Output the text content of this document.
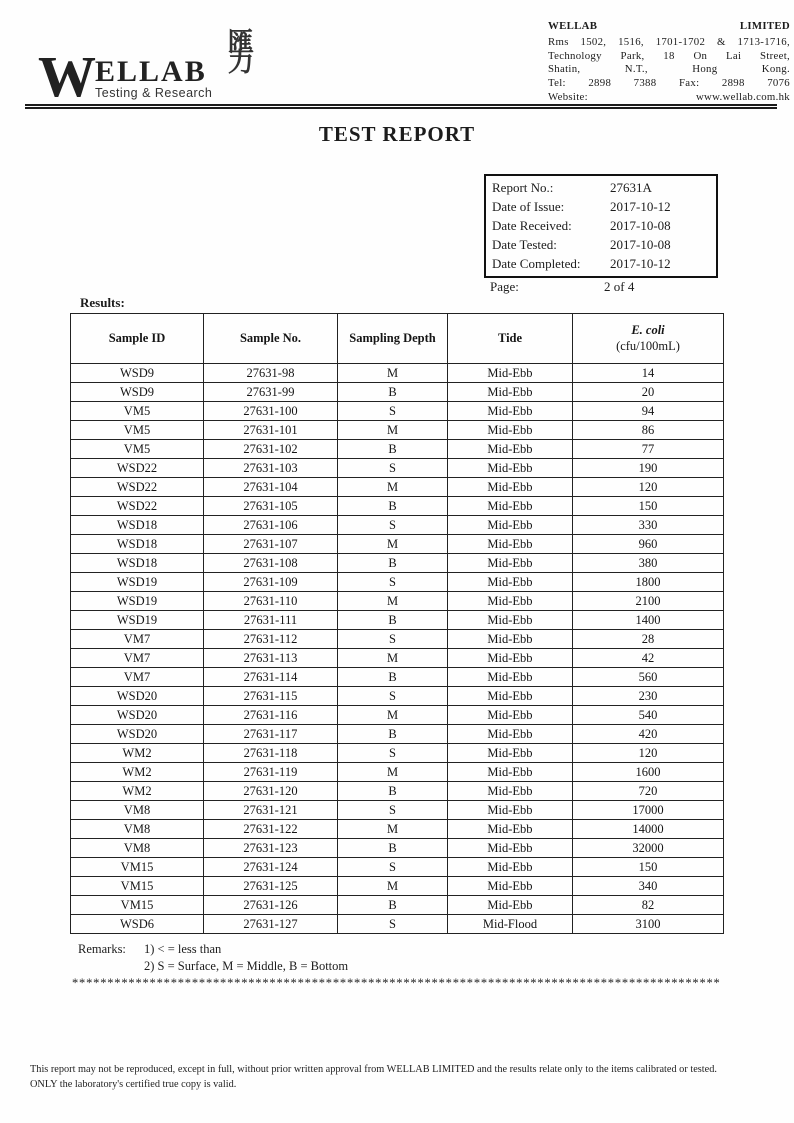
W ELLAB
Testing & Research
匯力
WELLAB LIMITED
Rms 1502, 1516, 1701-1702 & 1713-1716,
Technology Park, 18 On Lai Street,
Shatin, N.T., Hong Kong.
Tel: 2898 7388 Fax: 2898 7076
Website: www.wellab.com.hk
TEST REPORT
Report No.:	27631A
Date of Issue:	2017-10-12
Date Received:	2017-10-08
Date Tested:	2017-10-08
Date Completed:	2017-10-12
Page:	2 of 4
Results:
Sample ID	Sample No.	Sampling Depth	Tide	E. coli
(cfu/100mL)

WSD9	27631-98	M	Mid-Ebb	14
WSD9	27631-99	B	Mid-Ebb	20
VM5	27631-100	S	Mid-Ebb	94
VM5	27631-101	M	Mid-Ebb	86
VM5	27631-102	B	Mid-Ebb	77
WSD22	27631-103	S	Mid-Ebb	190
WSD22	27631-104	M	Mid-Ebb	120
WSD22	27631-105	B	Mid-Ebb	150
WSD18	27631-106	S	Mid-Ebb	330
WSD18	27631-107	M	Mid-Ebb	960
WSD18	27631-108	B	Mid-Ebb	380
WSD19	27631-109	S	Mid-Ebb	1800
WSD19	27631-110	M	Mid-Ebb	2100
WSD19	27631-111	B	Mid-Ebb	1400
VM7	27631-112	S	Mid-Ebb	28
VM7	27631-113	M	Mid-Ebb	42
VM7	27631-114	B	Mid-Ebb	560
WSD20	27631-115	S	Mid-Ebb	230
WSD20	27631-116	M	Mid-Ebb	540
WSD20	27631-117	B	Mid-Ebb	420
WM2	27631-118	S	Mid-Ebb	120
WM2	27631-119	M	Mid-Ebb	1600
WM2	27631-120	B	Mid-Ebb	720
VM8	27631-121	S	Mid-Ebb	17000
VM8	27631-122	M	Mid-Ebb	14000
VM8	27631-123	B	Mid-Ebb	32000
VM15	27631-124	S	Mid-Ebb	150
VM15	27631-125	M	Mid-Ebb	340
VM15	27631-126	B	Mid-Ebb	82
WSD6	27631-127	S	Mid-Flood	3100
Remarks:	1) < = less than
2) S = Surface, M = Middle, B = Bottom
********************************************************************************************
This report may not be reproduced, except in full, without prior written approval from WELLAB LIMITED and the results relate only to the items calibrated or tested.
ONLY the laboratory's certified true copy is valid.
